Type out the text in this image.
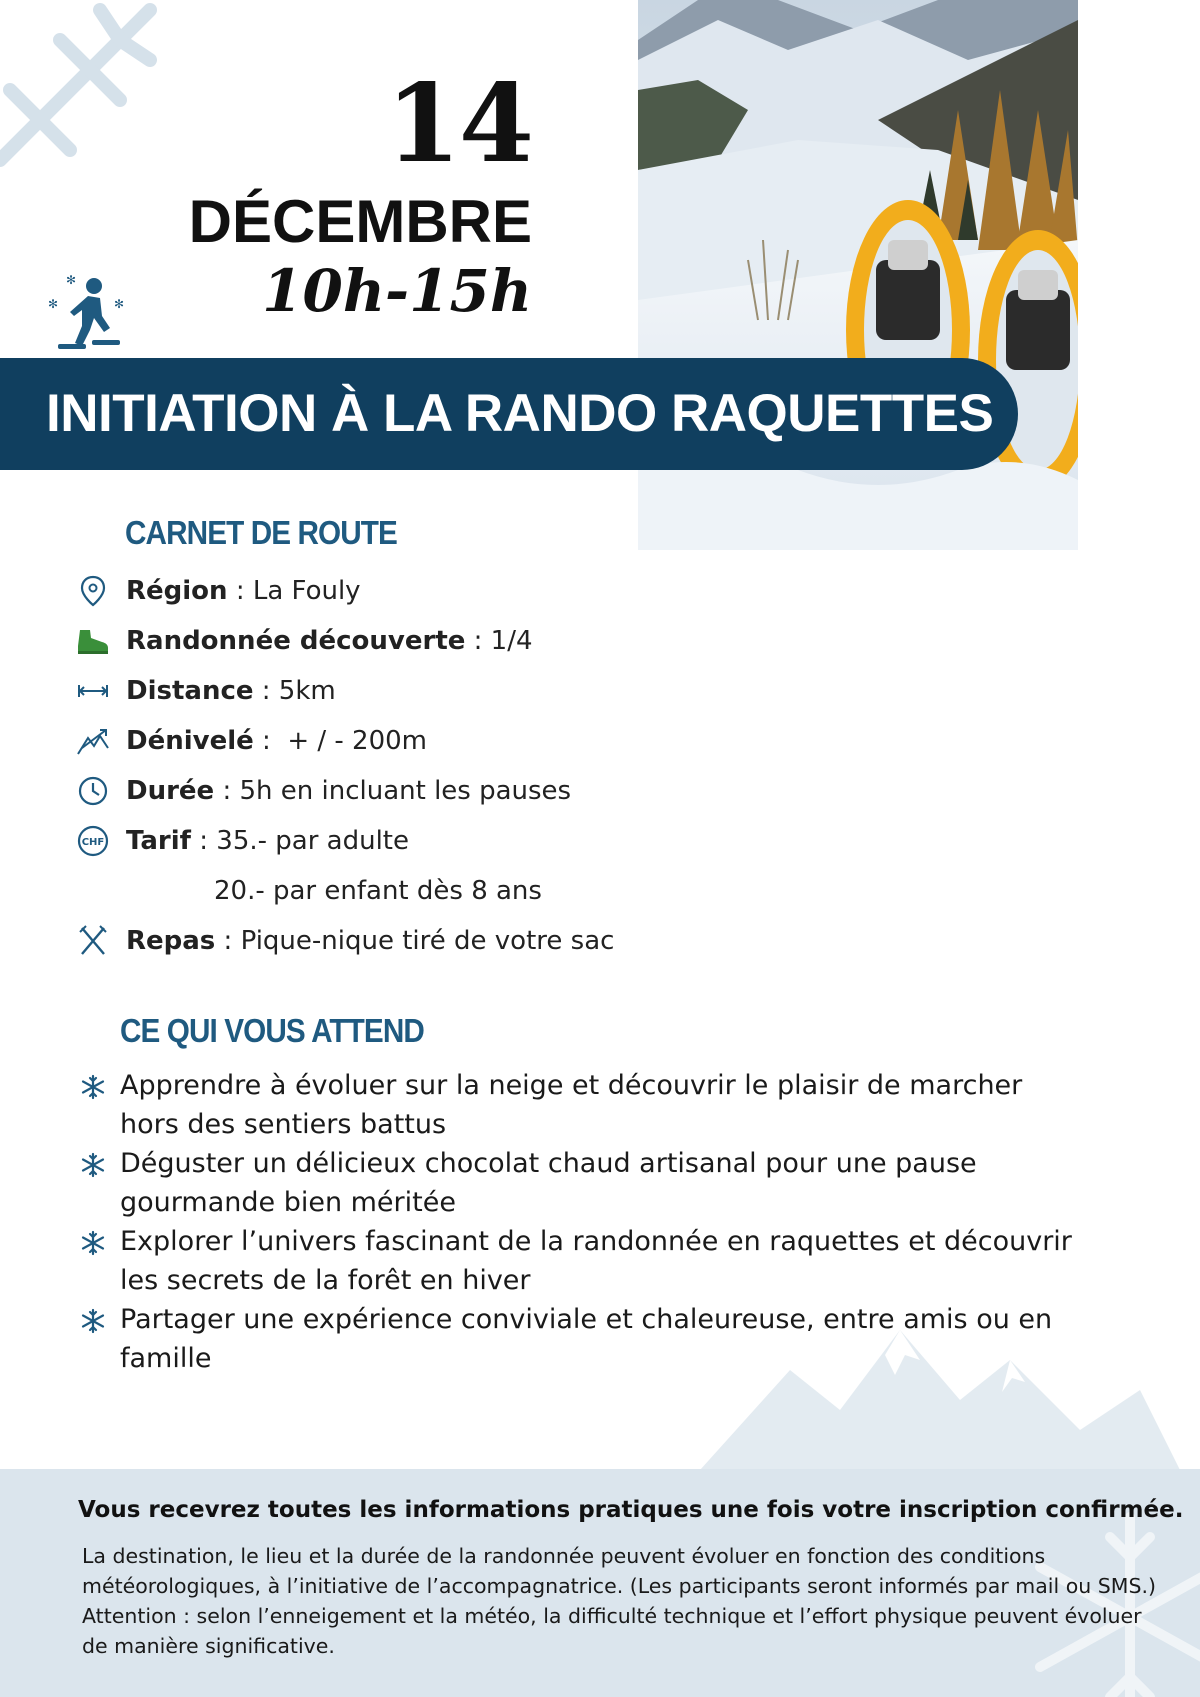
14
DÉCEMBRE
10h-15h
✻
✻	✻
INITIATION À LA RANDO RAQUETTES
CARNET DE ROUTE
Région : La Fouly
Randonnée découverte : 1/4
Distance : 5km
Dénivelé :  + / - 200m
Durée : 5h en incluant les pauses
CHF Tarif : 35.- par adulte
20.- par enfant dès 8 ans
Repas : Pique-nique tiré de votre sac
CE QUI VOUS ATTEND
Apprendre à évoluer sur la neige et découvrir le plaisir de marcher hors des sentiers battus
Déguster un délicieux chocolat chaud artisanal pour une pause gourmande bien méritée
Explorer l’univers fascinant de la randonnée en raquettes et découvrir les secrets de la forêt en hiver
Partager une expérience conviviale et chaleureuse, entre amis ou en famille
Vous recevrez toutes les informations pratiques une fois votre inscription confirmée.
La destination, le lieu et la durée de la randonnée peuvent évoluer en fonction des conditions météorologiques, à l’initiative de l’accompagnatrice. (Les participants seront informés par mail ou SMS.) Attention : selon l’enneigement et la météo, la difficulté technique et l’effort physique peuvent évoluer de manière significative.
